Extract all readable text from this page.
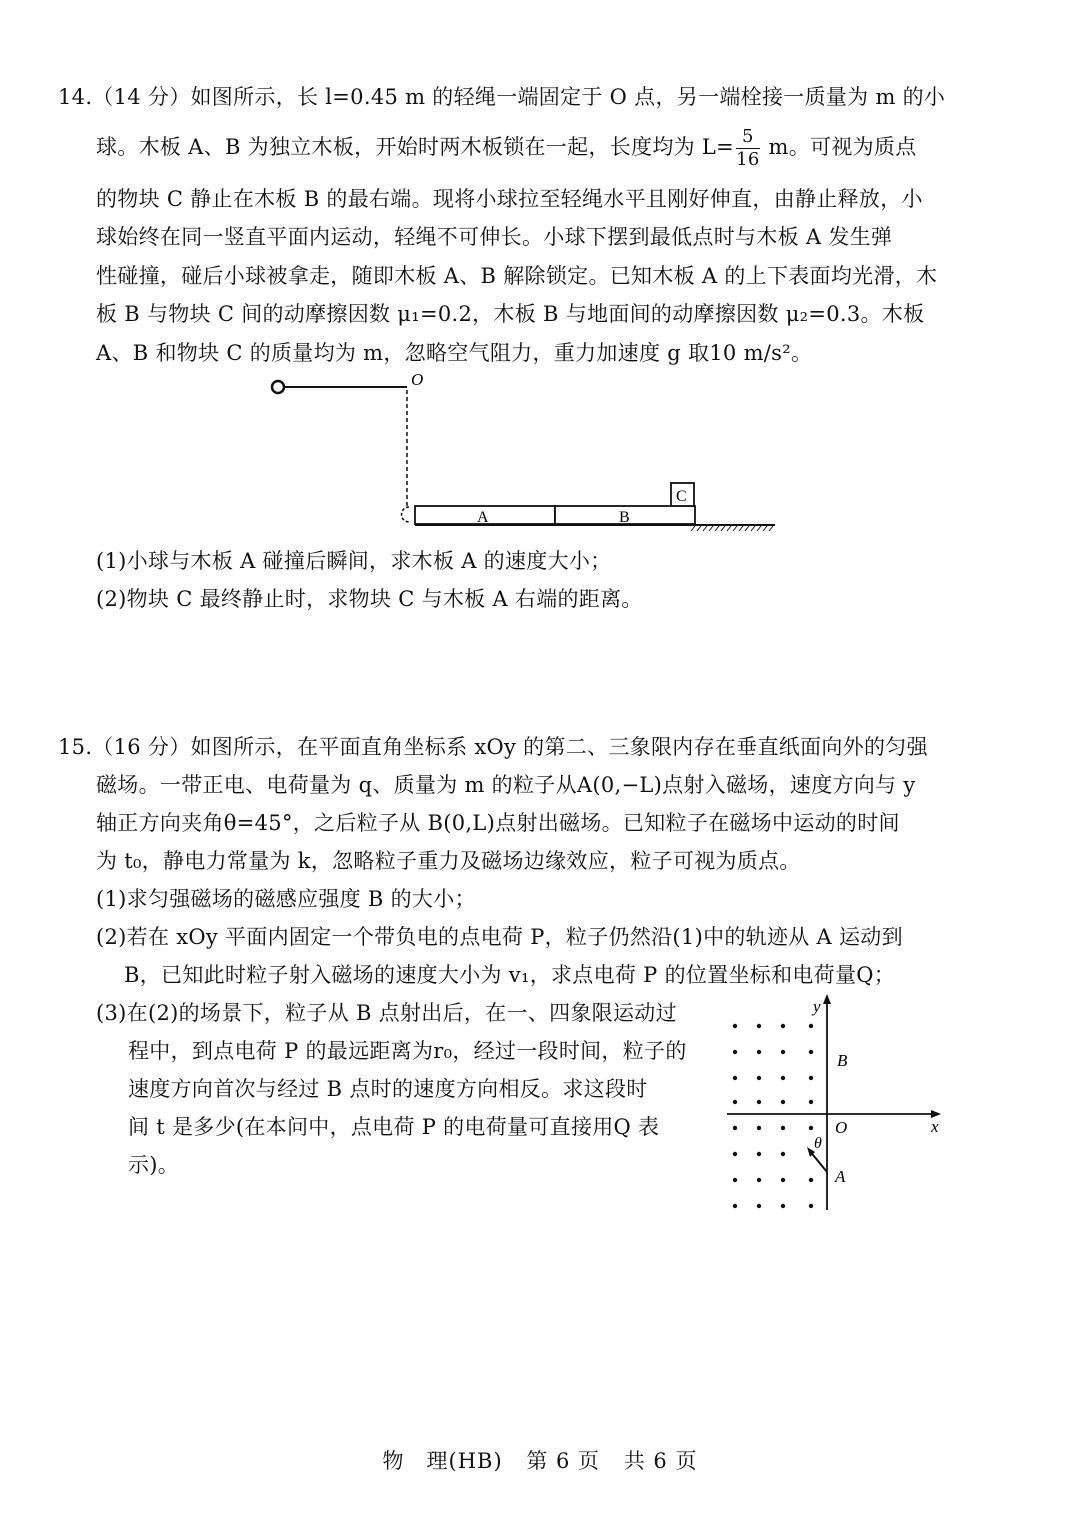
14.（14 分）如图所示，长 l=0.45 m 的轻绳一端固定于 O 点，另一端栓接一质量为 m 的小
球。木板 A、B 为独立木板，开始时两木板锁在一起，长度均为 $L= \frac{5}{16}$ m。可视为质点
的物块 C 静止在木板 B 的最右端。现将小球拉至轻绳水平且刚好伸直，由静止释放，小
球始终在同一竖直平面内运动，轻绳不可伸长。小球下摆到最低点时与木板 A 发生弹
性碰撞，碰后小球被拿走，随即木板 A、B 解除锁定。已知木板 A 的上下表面均光滑，木
板 B 与物块 C 间的动摩擦因数 μ₁=0.2，木板 B 与地面间的动摩擦因数 μ₂=0.3。木板
A、B 和物块 C 的质量均为 m，忽略空气阻力，重力加速度 g 取10 m/s²。
O
A	B
C
(1)小球与木板 A 碰撞后瞬间，求木板 A 的速度大小；
(2)物块 C 最终静止时，求物块 C 与木板 A 右端的距离。
15.（16 分）如图所示，在平面直角坐标系 xOy 的第二、三象限内存在垂直纸面向外的匀强
磁场。一带正电、电荷量为 q、质量为 m 的粒子从A(0,−L)点射入磁场，速度方向与 y
轴正方向夹角θ=45°，之后粒子从 B(0,L)点射出磁场。已知粒子在磁场中运动的时间
为 t₀，静电力常量为 k，忽略粒子重力及磁场边缘效应，粒子可视为质点。
(1)求匀强磁场的磁感应强度 B 的大小；
(2)若在 xOy 平面内固定一个带负电的点电荷 P，粒子仍然沿(1)中的轨迹从 A 运动到
B，已知此时粒子射入磁场的速度大小为 v₁，求点电荷 P 的位置坐标和电荷量Q；
(3)在(2)的场景下，粒子从 B 点射出后，在一、四象限运动过
程中，到点电荷 P 的最远距离为r₀，经过一段时间，粒子的
速度方向首次与经过 B 点时的速度方向相反。求这段时
间 t 是多少(在本问中，点电荷 P 的电荷量可直接用Q 表
示)。
y
x
O
B
A
θ
物　理(HB) 第 6 页 共 6 页
